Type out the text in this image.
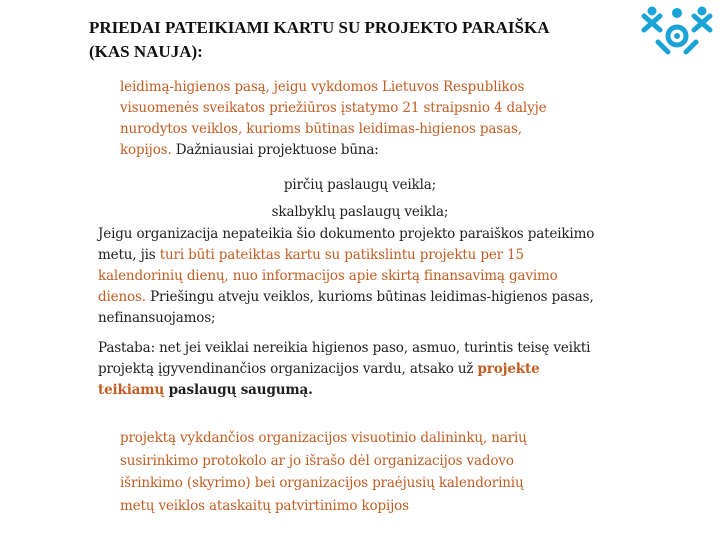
PRIEDAI PATEIKIAMI KARTU SU PROJEKTO PARAIŠKA
(KAS NAUJA):
leidimą-higienos pasą, jeigu vykdomos Lietuvos Respublikos
visuomenės sveikatos priežiūros įstatymo 21 straipsnio 4 dalyje
nurodytos veiklos, kurioms būtinas leidimas-higienos pasas,
kopijos. Dažniausiai projektuose būna:
pirčių paslaugų veikla;
skalbyklų paslaugų veikla;
Jeigu organizacija nepateikia šio dokumento projekto paraiškos pateikimo
metu, jis turi būti pateiktas kartu su patikslintu projektu per 15
kalendorinių dienų, nuo informacijos apie skirtą finansavimą gavimo
dienos. Priešingu atveju veiklos, kurioms būtinas leidimas-higienos pasas,
nefinansuojamos;
Pastaba: net jei veiklai nereikia higienos paso, asmuo, turintis teisę veikti
projektą įgyvendinančios organizacijos vardu, atsako už projekte
teikiamų paslaugų saugumą.
projektą vykdančios organizacijos visuotinio dalininkų, narių
susirinkimo protokolo ar jo išrašo dėl organizacijos vadovo
išrinkimo (skyrimo) bei organizacijos praėjusių kalendorinių
metų veiklos ataskaitų patvirtinimo kopijos
